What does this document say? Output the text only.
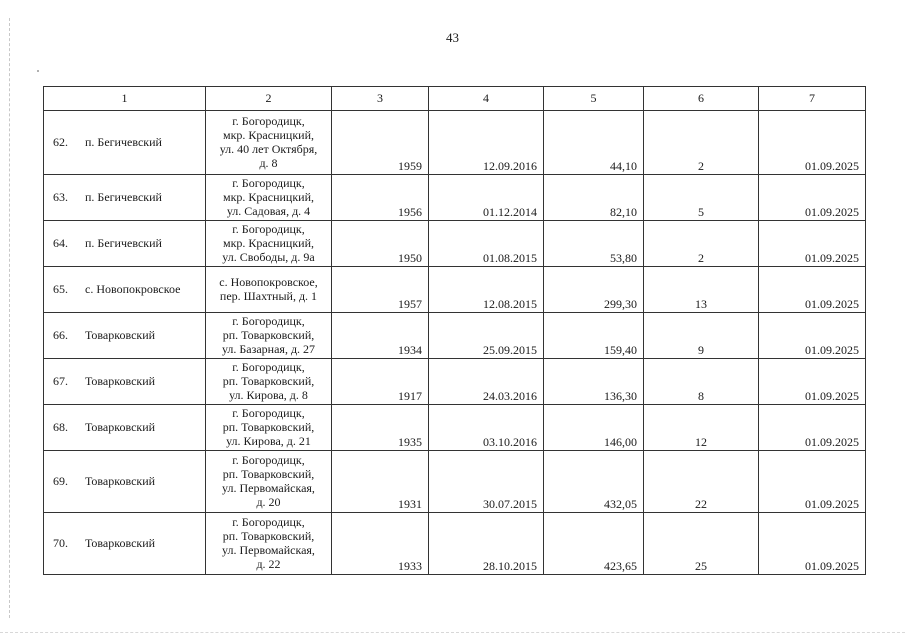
43
1	2	3	4	5	6	7
62. п. Бегичевский	г. Богородицк,
мкр. Красницкий,
ул. 40 лет Октября,
д. 8	1959	12.09.2016	44,10	2	01.09.2025
63. п. Бегичевский	г. Богородицк,
мкр. Красницкий,
ул. Садовая, д. 4	1956	01.12.2014	82,10	5	01.09.2025
64. п. Бегичевский	г. Богородицк,
мкр. Красницкий,
ул. Свободы, д. 9а	1950	01.08.2015	53,80	2	01.09.2025
65. с. Новопокровское	с. Новопокровское,
пер. Шахтный, д. 1	1957	12.08.2015	299,30	13	01.09.2025
66. Товарковский	г. Богородицк,
рп. Товарковский,
ул. Базарная, д. 27	1934	25.09.2015	159,40	9	01.09.2025
67. Товарковский	г. Богородицк,
рп. Товарковский,
ул. Кирова, д. 8	1917	24.03.2016	136,30	8	01.09.2025
68. Товарковский	г. Богородицк,
рп. Товарковский,
ул. Кирова, д. 21	1935	03.10.2016	146,00	12	01.09.2025
69. Товарковский	г. Богородицк,
рп. Товарковский,
ул. Первомайская,
д. 20	1931	30.07.2015	432,05	22	01.09.2025
70. Товарковский	г. Богородицк,
рп. Товарковский,
ул. Первомайская,
д. 22	1933	28.10.2015	423,65	25	01.09.2025
